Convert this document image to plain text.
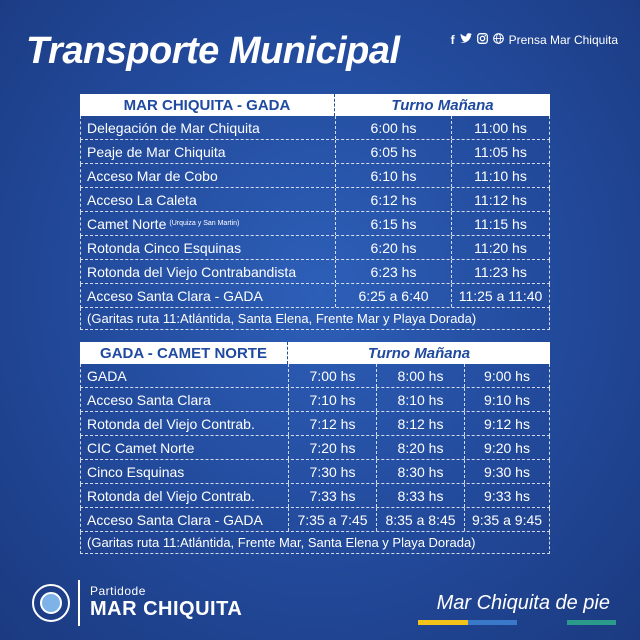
Transporte Municipal	f	Prensa Mar Chiquita
MAR CHIQUITA - GADA	Turno Mañana
Delegación de Mar Chiquita	6:00 hs	11:00 hs
Peaje de Mar Chiquita	6:05 hs	11:05 hs
Acceso Mar de Cobo	6:10 hs	11:10 hs
Acceso La Caleta	6:12 hs	11:12 hs
Camet Norte (Urquiza y San Martin)	6:15 hs	11:15 hs
Rotonda Cinco Esquinas	6:20 hs	11:20 hs
Rotonda del Viejo Contrabandista	6:23 hs	11:23 hs
Acceso Santa Clara - GADA	6:25 a 6:40	11:25 a 11:40
(Garitas ruta 11:Atlántida, Santa Elena, Frente Mar y Playa Dorada)
GADA - CAMET NORTE	Turno Mañana
GADA	7:00 hs	8:00 hs	9:00 hs
Acceso Santa Clara	7:10 hs	8:10 hs	9:10 hs
Rotonda del Viejo Contrab.	7:12 hs	8:12 hs	9:12 hs
CIC Camet Norte	7:20 hs	8:20 hs	9:20 hs
Cinco Esquinas	7:30 hs	8:30 hs	9:30 hs
Rotonda del Viejo Contrab.	7:33 hs	8:33 hs	9:33 hs
Acceso Santa Clara - GADA	7:35 a 7:45	8:35 a 8:45	9:35 a 9:45
(Garitas ruta 11:Atlántida, Frente Mar, Santa Elena y Playa Dorada)
Partidode
MAR CHIQUITA	Mar Chiquita de pie
